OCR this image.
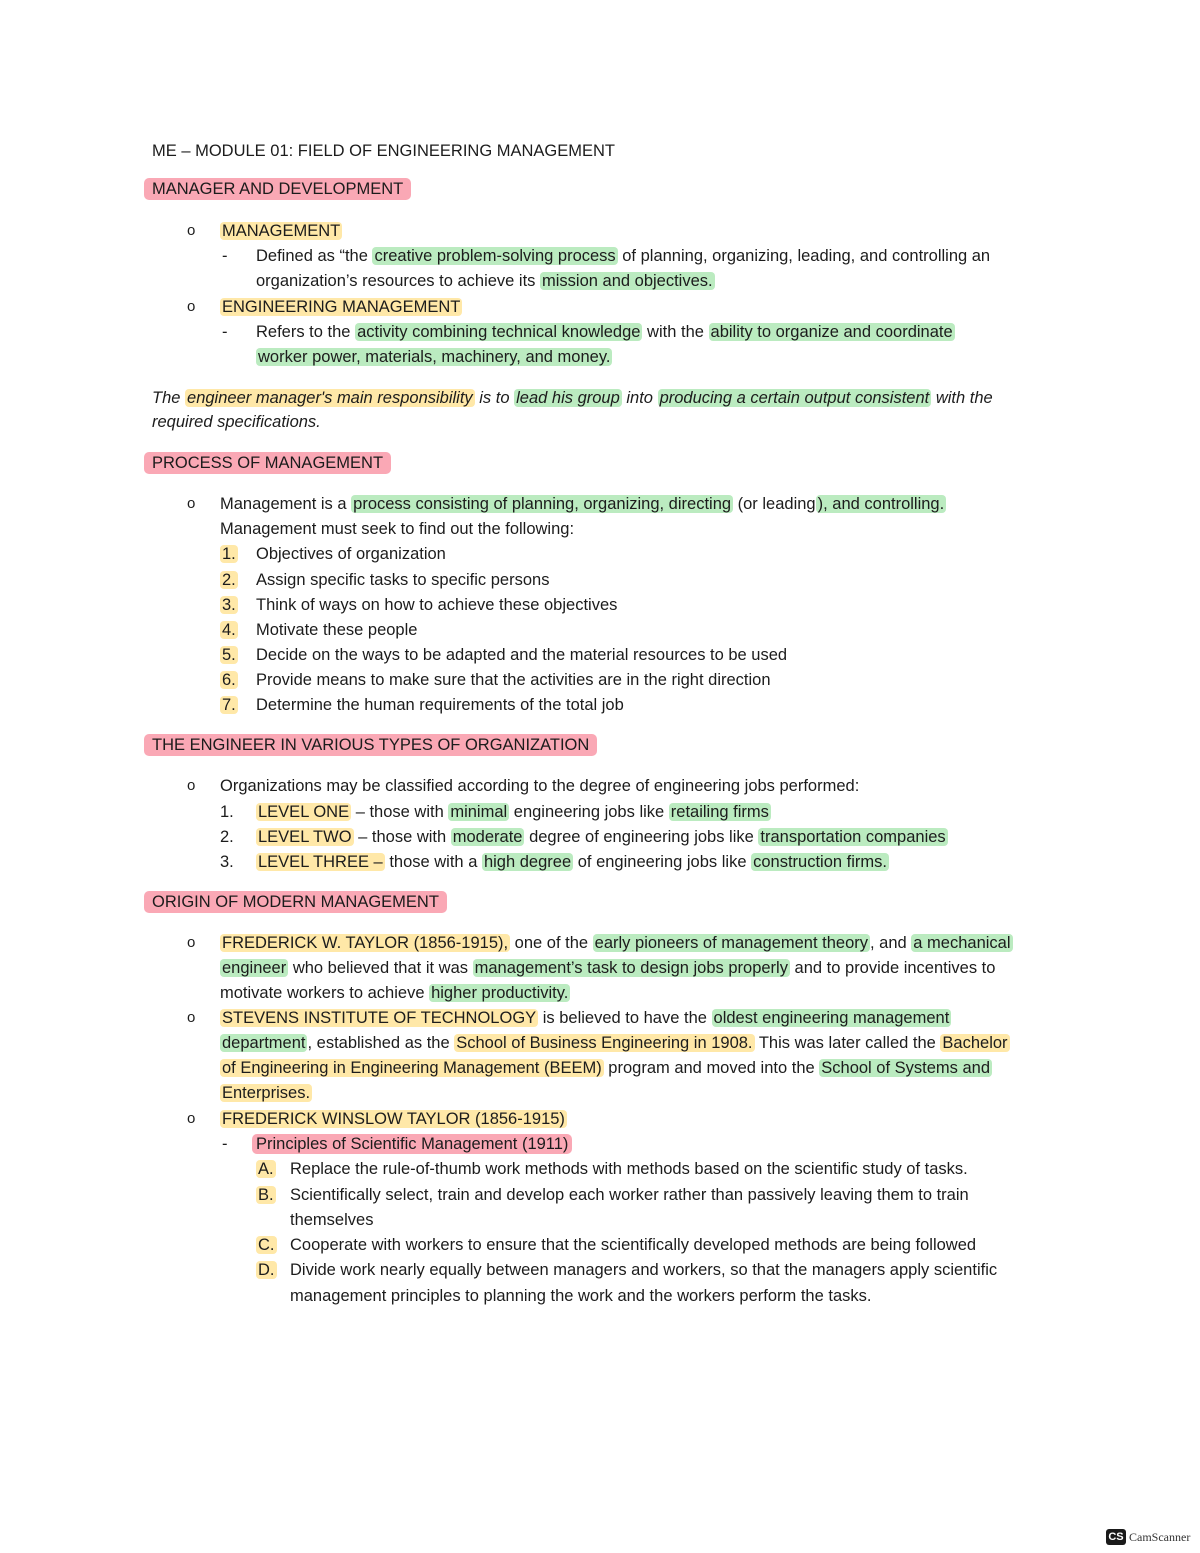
ME – MODULE 01: FIELD OF ENGINEERING MANAGEMENT
MANAGER AND DEVELOPMENT
o MANAGEMENT
- Defined as “the creative problem-solving process of planning, organizing, leading, and controlling an
organization’s resources to achieve its mission and objectives.
o ENGINEERING MANAGEMENT
- Refers to the activity combining technical knowledge with the ability to organize and coordinate
worker power, materials, machinery, and money.
The engineer manager's main responsibility is to lead his group into producing a certain output consistent with the
required specifications.
PROCESS OF MANAGEMENT
o Management is a process consisting of planning, organizing, directing (or leading ), and controlling.
Management must seek to find out the following:
1. Objectives of organization
2. Assign specific tasks to specific persons
3. Think of ways on how to achieve these objectives
4. Motivate these people
5. Decide on the ways to be adapted and the material resources to be used
6. Provide means to make sure that the activities are in the right direction
7. Determine the human requirements of the total job
THE ENGINEER IN VARIOUS TYPES OF ORGANIZATION
o Organizations may be classified according to the degree of engineering jobs performed:
1. LEVEL ONE – those with minimal engineering jobs like retailing firms
2. LEVEL TWO – those with moderate degree of engineering jobs like transportation companies
3. LEVEL THREE – those with a high degree of engineering jobs like construction firms.
ORIGIN OF MODERN MANAGEMENT
o FREDERICK W. TAYLOR (1856-1915), one of the early pioneers of management theory , and a mechanical
engineer who believed that it was management’s task to design jobs properly and to provide incentives to
motivate workers to achieve higher productivity.
o STEVENS INSTITUTE OF TECHNOLOGY is believed to have the oldest engineering management
department , established as the School of Business Engineering in 1908. This was later called the Bachelor
of Engineering in Engineering Management (BEEM) program and moved into the School of Systems and
Enterprises.
o FREDERICK WINSLOW TAYLOR (1856-1915)
- Principles of Scientific Management (1911)
A. Replace the rule-of-thumb work methods with methods based on the scientific study of tasks.
B. Scientifically select, train and develop each worker rather than passively leaving them to train
themselves
C. Cooperate with workers to ensure that the scientifically developed methods are being followed
D. Divide work nearly equally between managers and workers, so that the managers apply scientific
management principles to planning the work and the workers perform the tasks.
CS CamScanner
